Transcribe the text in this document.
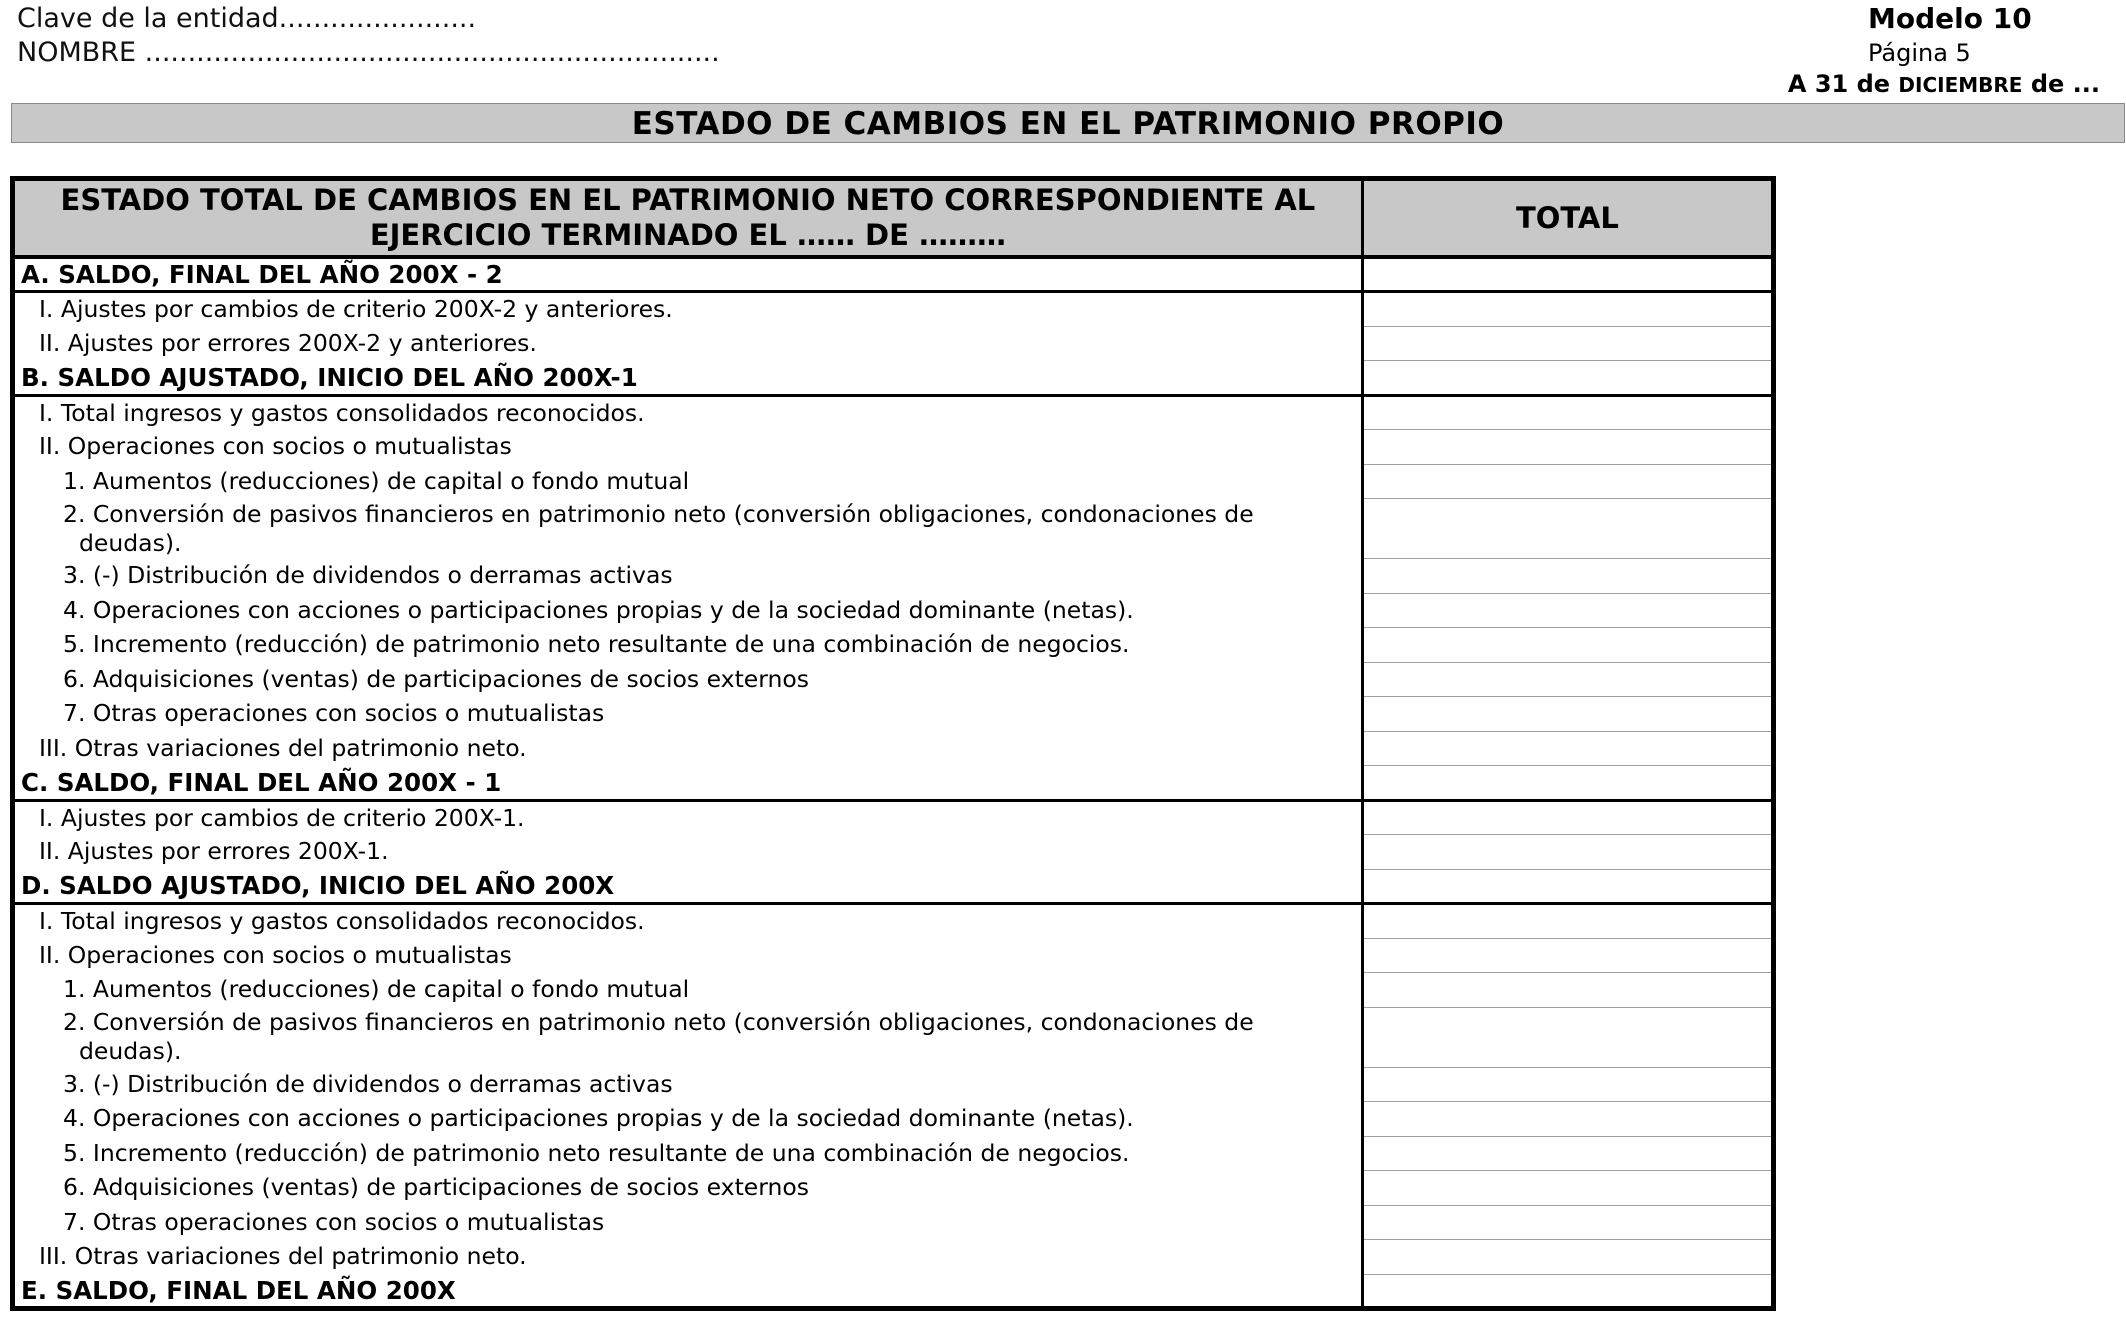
Clave de la entidad.......................
NOMBRE ...................................................................
Modelo 10
Página 5
A 31 de DICIEMBRE de ...
ESTADO DE CAMBIOS EN EL PATRIMONIO PROPIO
ESTADO TOTAL DE CAMBIOS EN EL PATRIMONIO NETO CORRESPONDIENTE AL EJERCICIO TERMINADO EL …… DE ………	TOTAL
A. SALDO, FINAL DEL AÑO 200X - 2	
I. Ajustes por cambios de criterio 200X-2 y anteriores.	
II. Ajustes por errores 200X-2 y anteriores.	
B. SALDO AJUSTADO, INICIO DEL AÑO 200X-1	
I. Total ingresos y gastos consolidados reconocidos.	
II. Operaciones con socios o mutualistas	
1. Aumentos (reducciones) de capital o fondo mutual	

2. Conversión de pasivos financieros en patrimonio neto (conversión obligaciones, condonaciones de deudas).	

3. (-) Distribución de dividendos o derramas activas	
4. Operaciones con acciones o participaciones propias y de la sociedad dominante (netas).	
5. Incremento (reducción) de patrimonio neto resultante de una combinación de negocios.	
6. Adquisiciones (ventas) de participaciones de socios externos	
7. Otras operaciones con socios o mutualistas	
III. Otras variaciones del patrimonio neto.	
C. SALDO, FINAL DEL AÑO 200X - 1	
I. Ajustes por cambios de criterio 200X-1.	
II. Ajustes por errores 200X-1.	
D. SALDO AJUSTADO, INICIO DEL AÑO 200X	
I. Total ingresos y gastos consolidados reconocidos.	
II. Operaciones con socios o mutualistas	
1. Aumentos (reducciones) de capital o fondo mutual	

2. Conversión de pasivos financieros en patrimonio neto (conversión obligaciones, condonaciones de deudas).	

3. (-) Distribución de dividendos o derramas activas	
4. Operaciones con acciones o participaciones propias y de la sociedad dominante (netas).	
5. Incremento (reducción) de patrimonio neto resultante de una combinación de negocios.	
6. Adquisiciones (ventas) de participaciones de socios externos	
7. Otras operaciones con socios o mutualistas	
III. Otras variaciones del patrimonio neto.	
E. SALDO, FINAL DEL AÑO 200X	
